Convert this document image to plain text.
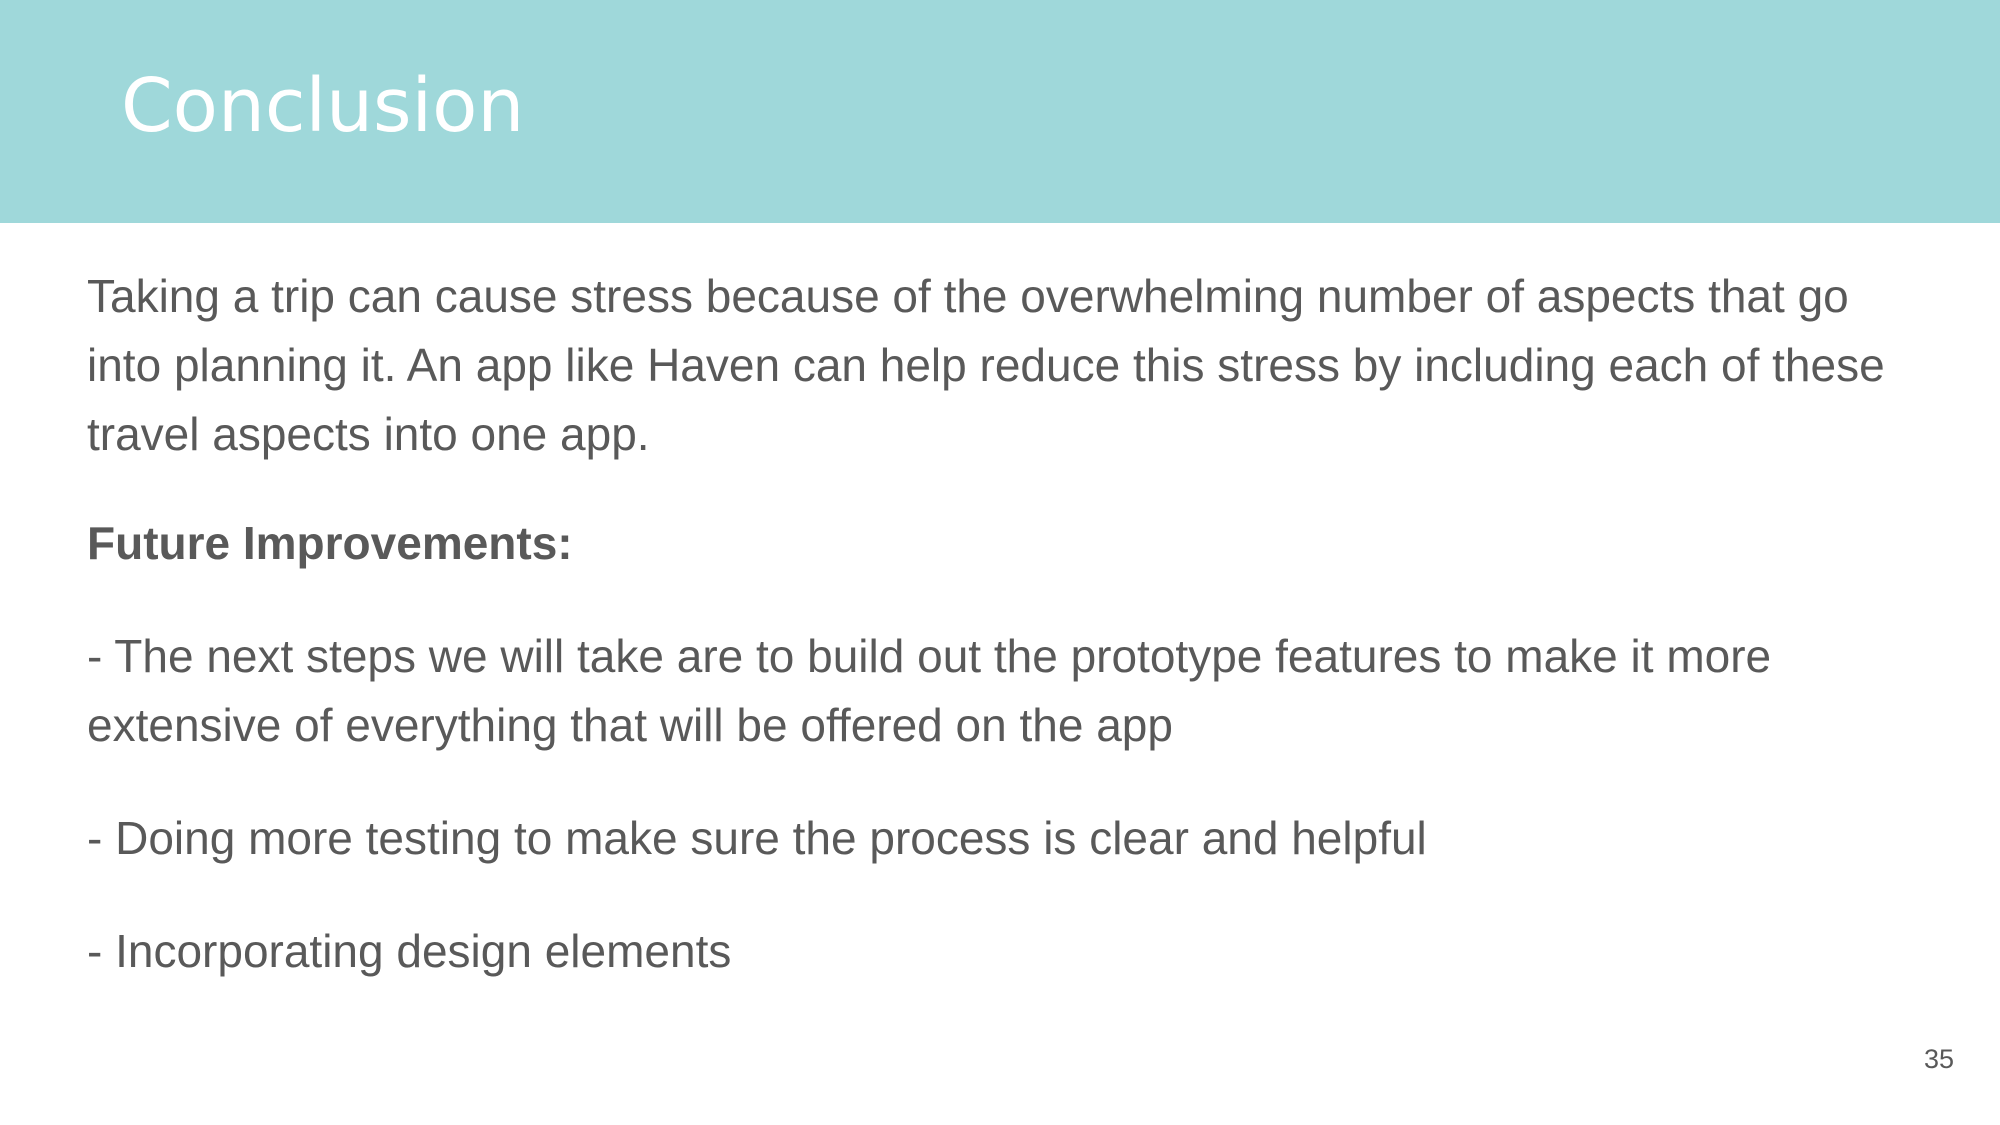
Conclusion

Taking a trip can cause stress because of the overwhelming number of aspects that go into planning it. An app like Haven can help reduce this stress by including each of these travel aspects into one app.

Future Improvements:

- The next steps we will take are to build out the prototype features to make it more extensive of everything that will be offered on the app

- Doing more testing to make sure the process is clear and helpful

- Incorporating design elements

35
